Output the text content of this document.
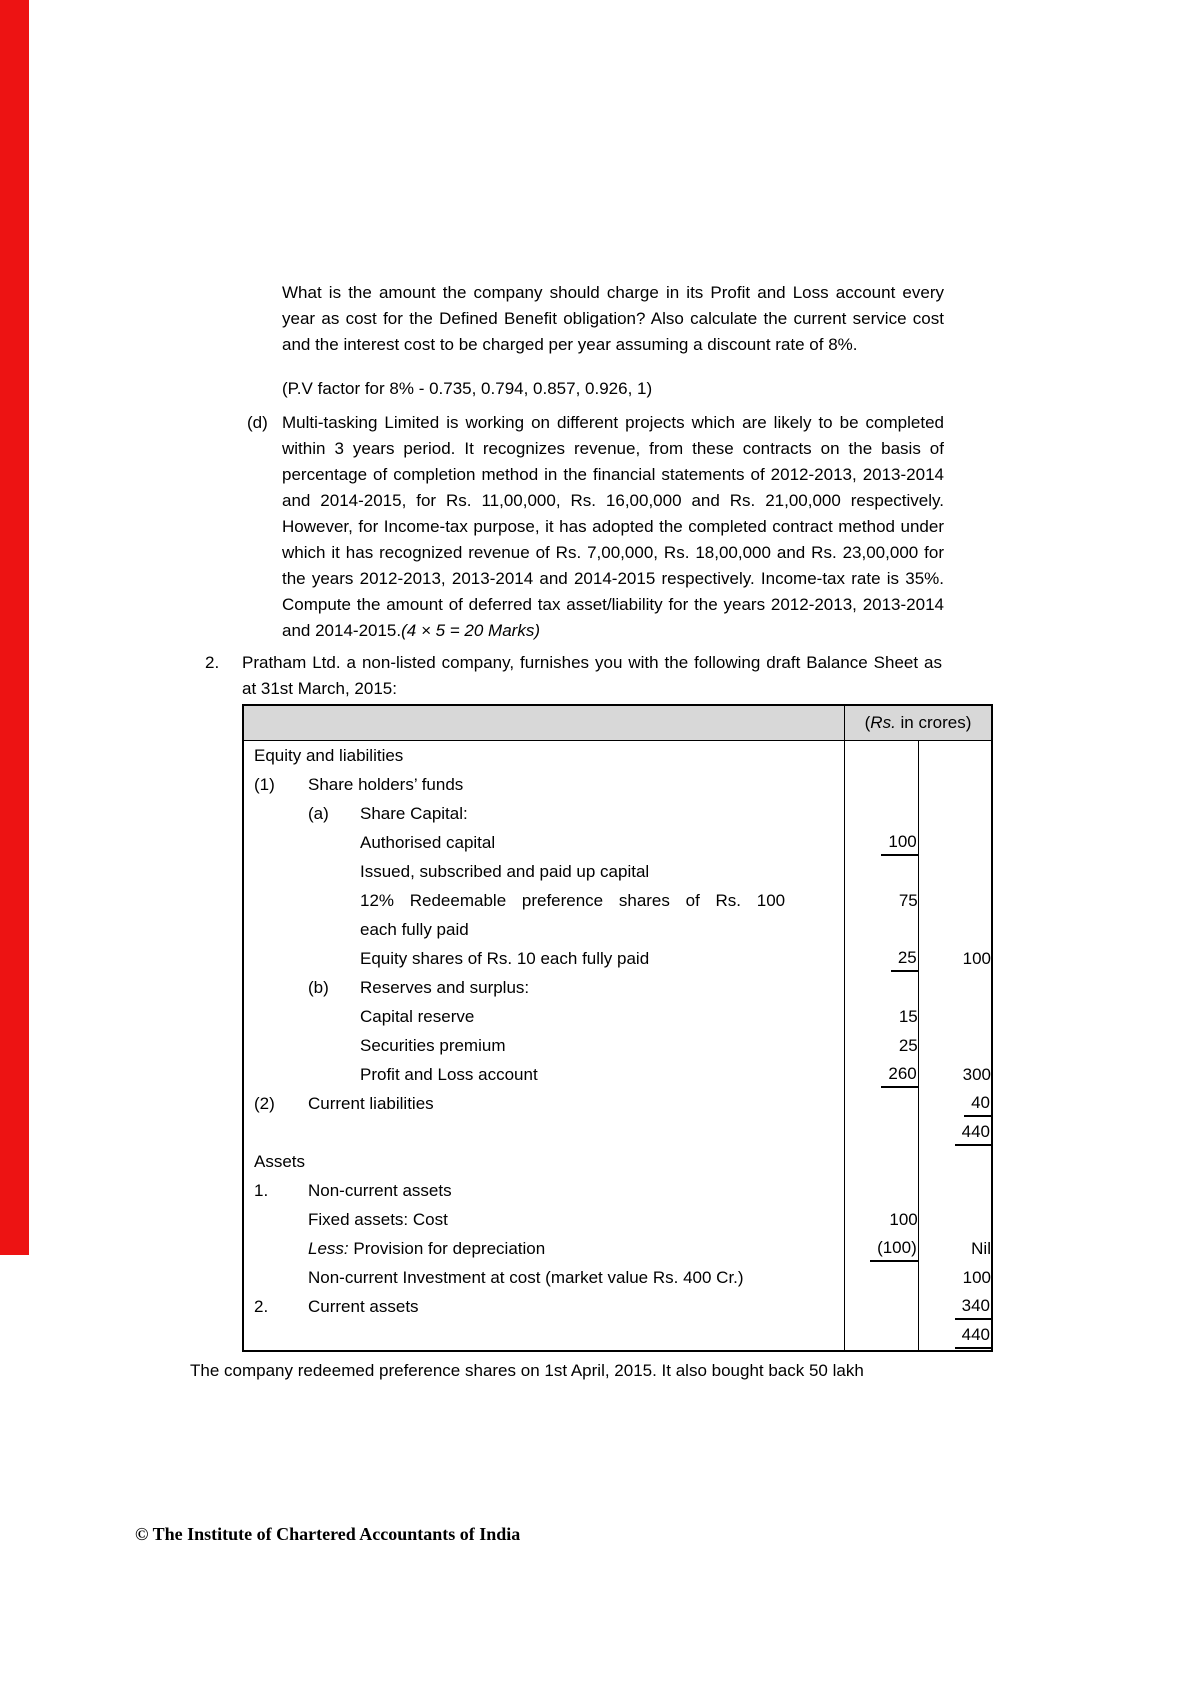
What is the amount the company should charge in its Profit and Loss account every year as cost for the Defined Benefit obligation? Also calculate the current service cost and the interest cost to be charged per year assuming a discount rate of 8%.
(P.V factor for 8% - 0.735, 0.794, 0.857, 0.926, 1)
(d) Multi-tasking Limited is working on different projects which are likely to be completed within 3 years period. It recognizes revenue, from these contracts on the basis of percentage of completion method in the financial statements of 2012-2013, 2013-2014 and 2014-2015, for Rs. 11,00,000, Rs. 16,00,000 and Rs. 21,00,000 respectively. However, for Income-tax purpose, it has adopted the completed contract method under which it has recognized revenue of Rs. 7,00,000, Rs. 18,00,000 and Rs. 23,00,000 for the years 2012-2013, 2013-2014 and 2014-2015 respectively. Income-tax rate is 35%. Compute the amount of deferred tax asset/liability for the years 2012-2013, 2013-2014 and 2014-2015.(4 × 5 = 20 Marks)
2. Pratham Ltd. a non-listed company, furnishes you with the following draft Balance Sheet as at 31st March, 2015:
	(Rs. in crores)	

Equity and liabilities		

(1) Share holders’ funds		

(a) Share Capital:		

Authorised capital	100	

Issued, subscribed and paid up capital		

12% Redeemable preference shares of Rs. 100
each fully paid	75	

Equity shares of Rs. 10 each fully paid	25	100

(b) Reserves and surplus:		

Capital reserve	15	

Securities premium	25	

Profit and Loss account	260	300

(2) Current liabilities		40
		440

Assets		

1. Non-current assets		

Fixed assets: Cost	100	

Less: Provision for depreciation	(100)	Nil

Non-current Investment at cost (market value Rs. 400 Cr.)		100

2. Current assets		340
		440
The company redeemed preference shares on 1st April, 2015. It also bought back 50 lakh
© The Institute of Chartered Accountants of India
